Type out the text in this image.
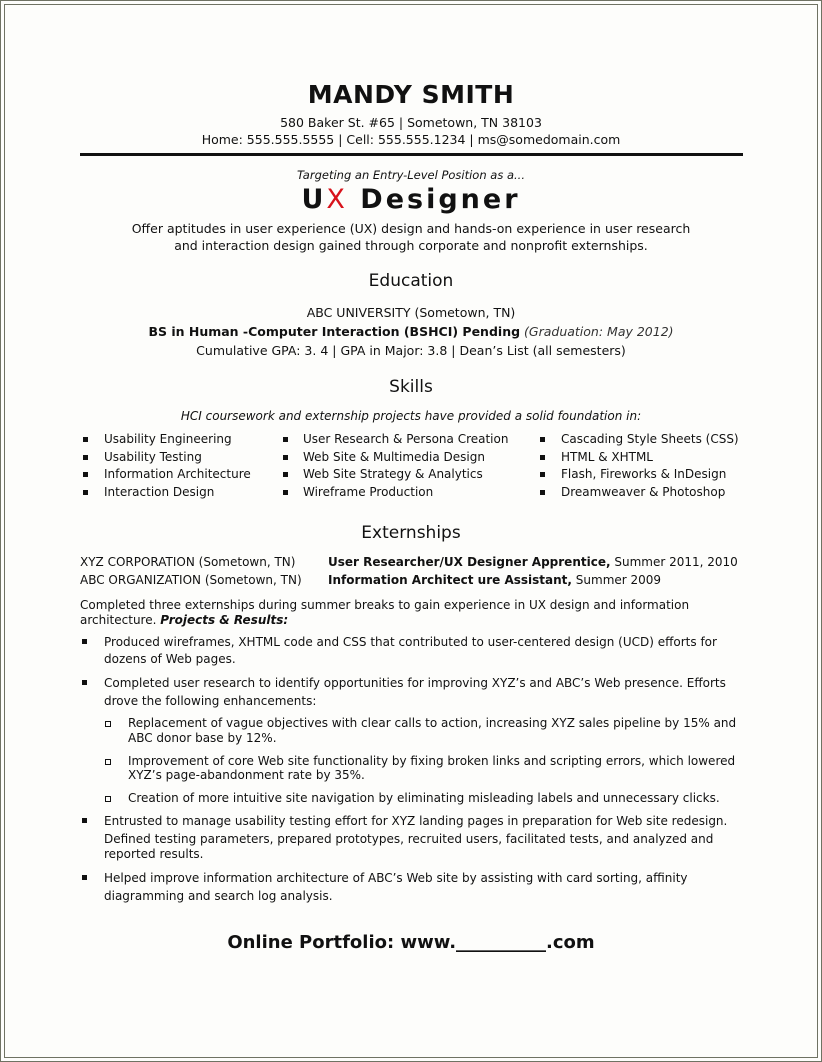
MANDY SMITH
580 Baker St. #65 | Sometown, TN 38103
Home: 555.555.5555 | Cell: 555.555.1234 | ms@somedomain.com
Targeting an Entry-Level Position as a...
UX Designer
Offer aptitudes in user experience (UX) design and hands-on experience in user research
and interaction design gained through corporate and nonprofit externships.
Education
ABC UNIVERSITY (Sometown, TN)
BS in Human -Computer Interaction (BSHCI) Pending (Graduation: May 2012)
Cumulative GPA: 3. 4 | GPA in Major: 3.8 | Dean’s List (all semesters)
Skills
HCI coursework and externship projects have provided a solid foundation in:
Usability Engineering
Usability Testing
Information Architecture
Interaction Design
User Research & Persona Creation
Web Site & Multimedia Design
Web Site Strategy & Analytics
Wireframe Production
Cascading Style Sheets (CSS)
HTML & XHTML
Flash, Fireworks & InDesign
Dreamweaver & Photoshop
Externships
XYZ CORPORATION (Sometown, TN)	User Researcher/UX Designer Apprentice, Summer 2011, 2010
ABC ORGANIZATION (Sometown, TN) Information Architect ure Assistant, Summer 2009
Completed three externships during summer breaks to gain experience in UX design and information
architecture. Projects & Results:
Produced wireframes, XHTML code and CSS that contributed to user-centered design (UCD) efforts for
dozens of Web pages.
Completed user research to identify opportunities for improving XYZ’s and ABC’s Web presence. Efforts
drove the following enhancements:
Replacement of vague objectives with clear calls to action, increasing XYZ sales pipeline by 15% and
ABC donor base by 12%.
Improvement of core Web site functionality by fixing broken links and scripting errors, which lowered
XYZ’s page-abandonment rate by 35%.
Creation of more intuitive site navigation by eliminating misleading labels and unnecessary clicks.
Entrusted to manage usability testing effort for XYZ landing pages in preparation for Web site redesign.
Defined testing parameters, prepared prototypes, recruited users, facilitated tests, and analyzed and
reported results.
Helped improve information architecture of ABC’s Web site by assisting with card sorting, affinity
diagramming and search log analysis.
Online Portfolio: www.__________.com
